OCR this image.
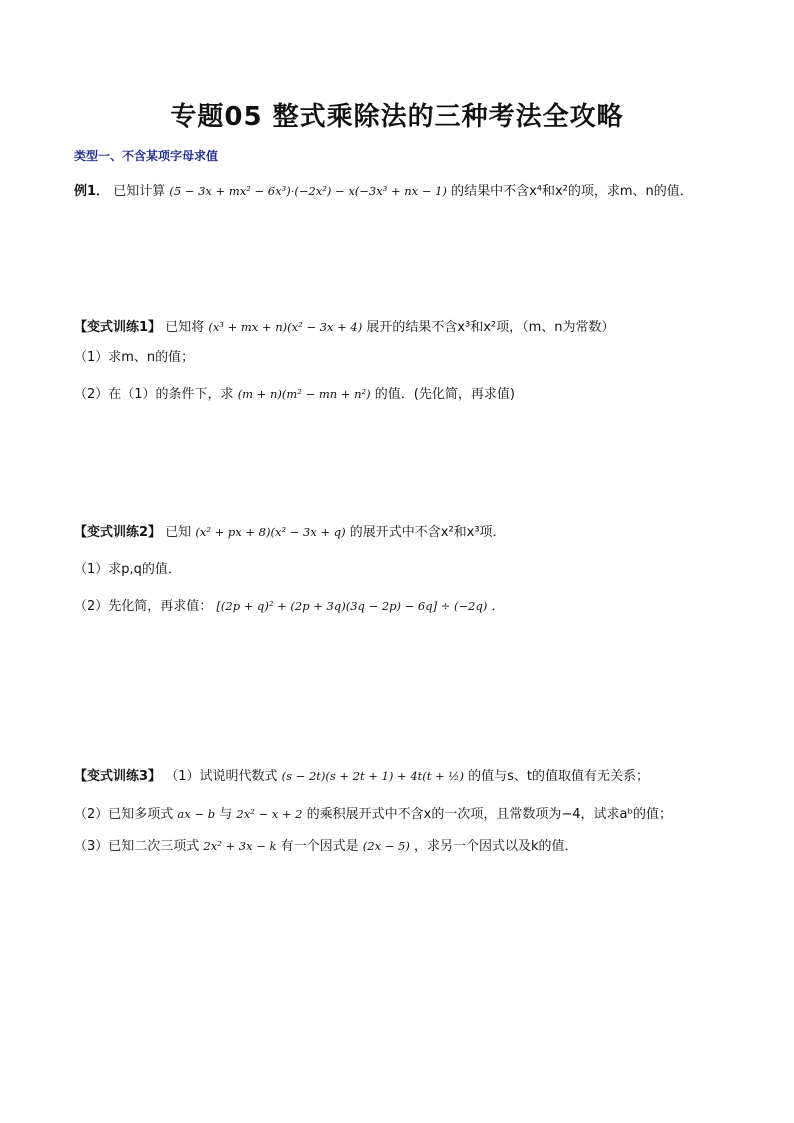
专题05 整式乘除法的三种考法全攻略
类型一、不含某项字母求值
例1． 已知计算 (5 − 3x + mx² − 6x³)·(−2x²) − x(−3x³ + nx − 1) 的结果中不含x⁴和x²的项，求m、n的值．
【变式训练1】 已知将 (x³ + mx + n)(x² − 3x + 4) 展开的结果不含x³和x²项，（m、n为常数）
（1）求m、n的值；
（2）在（1）的条件下，求 (m + n)(m² − mn + n²) 的值．(先化简，再求值)
【变式训练2】 已知 (x² + px + 8)(x² − 3x + q) 的展开式中不含x²和x³项．
（1）求p,q的值．
（2）先化简，再求值： [(2p + q)² + (2p + 3q)(3q − 2p) − 6q] ÷ (−2q) ．
【变式训练3】 （1）试说明代数式 (s − 2t)(s + 2t + 1) + 4t(t + ½) 的值与s、t的值取值有无关系；
（2）已知多项式 ax − b 与 2x² − x + 2 的乘积展开式中不含x的一次项，且常数项为−4，试求aᵇ的值；
（3）已知二次三项式 2x² + 3x − k 有一个因式是 (2x − 5) ，求另一个因式以及k的值．
